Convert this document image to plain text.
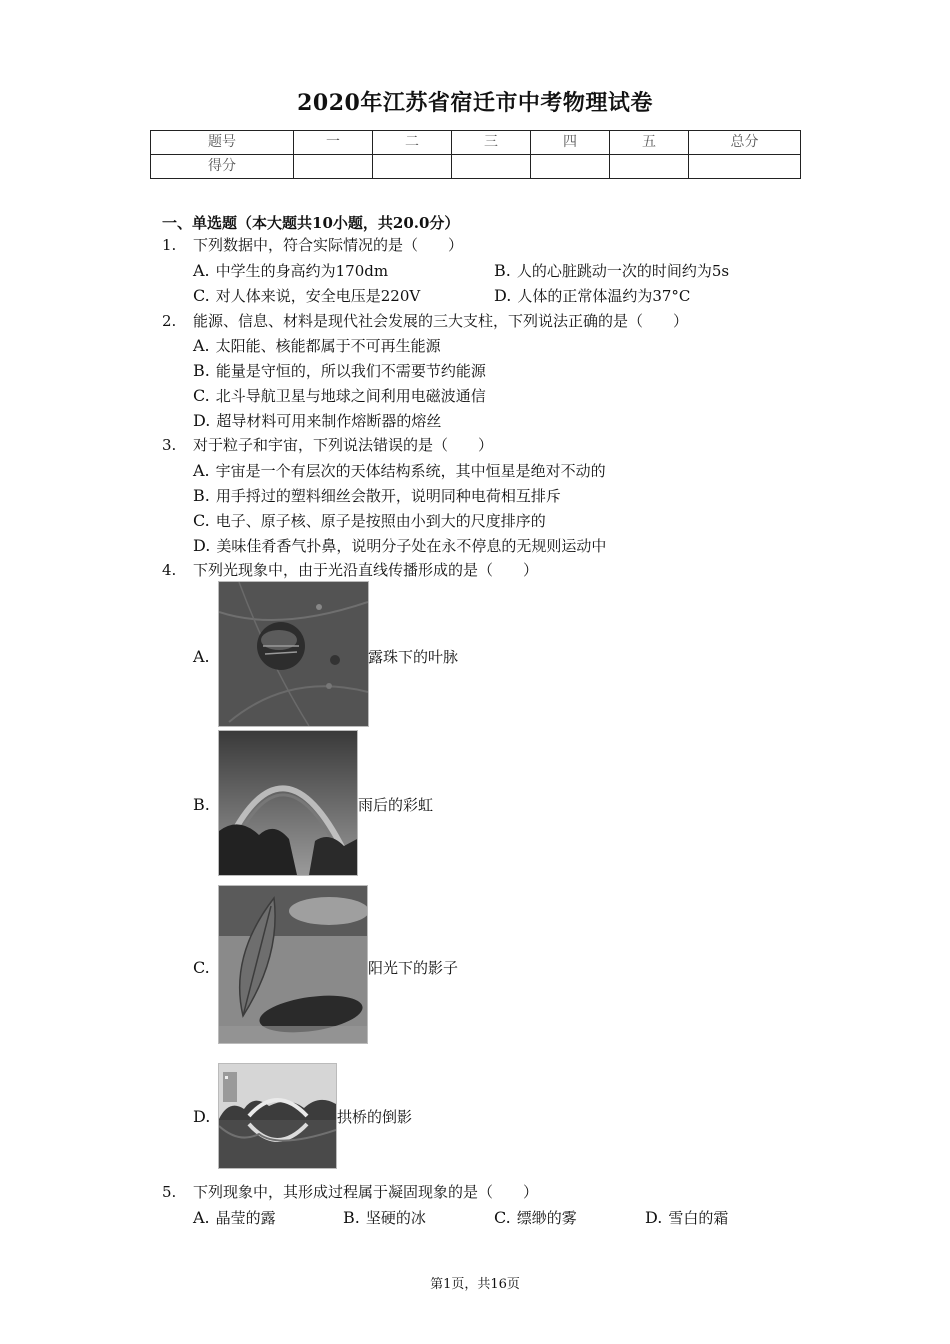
2020年江苏省宿迁市中考物理试卷
题号	一	二	三	四	五	总分
得分						
一、单选题（本大题共10小题，共20.0分）
1. 下列数据中，符合实际情况的是（　　）
A. 中学生的身高约为170dm	B. 人的心脏跳动一次的时间约为5s
C. 对人体来说，安全电压是220V	D. 人体的正常体温约为37°C
2. 能源、信息、材料是现代社会发展的三大支柱，下列说法正确的是（　　）
A. 太阳能、核能都属于不可再生能源
B. 能量是守恒的，所以我们不需要节约能源
C. 北斗导航卫星与地球之间利用电磁波通信
D. 超导材料可用来制作熔断器的熔丝
3. 对于粒子和宇宙，下列说法错误的是（　　）
A. 宇宙是一个有层次的天体结构系统，其中恒星是绝对不动的
B. 用手捋过的塑料细丝会散开，说明同种电荷相互排斥
C. 电子、原子核、原子是按照由小到大的尺度排序的
D. 美味佳肴香气扑鼻，说明分子处在永不停息的无规则运动中
4. 下列光现象中，由于光沿直线传播形成的是（　　）
A.	露珠下的叶脉
B.	雨后的彩虹
C.	阳光下的影子
D.	拱桥的倒影
5. 下列现象中，其形成过程属于凝固现象的是（　　）
A. 晶莹的露	B. 坚硬的冰	C. 缥缈的雾	D. 雪白的霜
第1页，共16页
